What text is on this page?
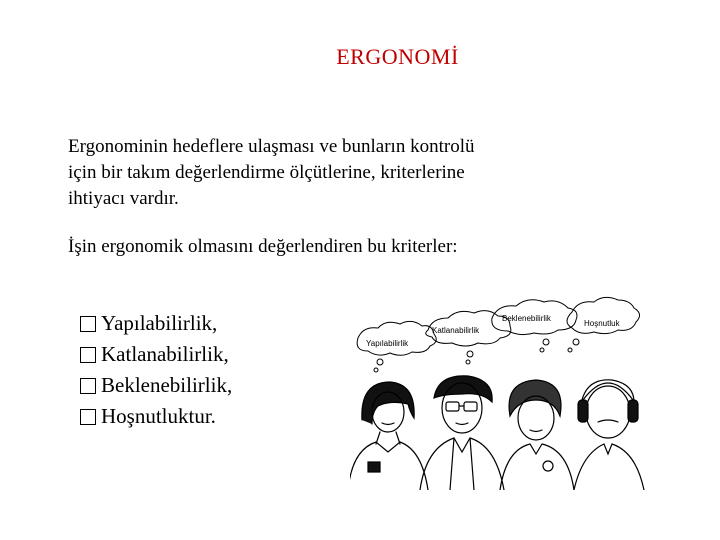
ERGONOMİ
Ergonominin hedeflere ulaşması ve bunların kontrolü
için bir takım değerlendirme ölçütlerine, kriterlerine
ihtiyacı vardır.
İşin ergonomik olmasını değerlendiren bu kriterler:
Yapılabilirlik,
Katlanabilirlik,
Beklenebilirlik,
Hoşnutluktur.
Yapılabilirlik
Katlanabilirlik
Beklenebilirlik
Hoşnutluk
